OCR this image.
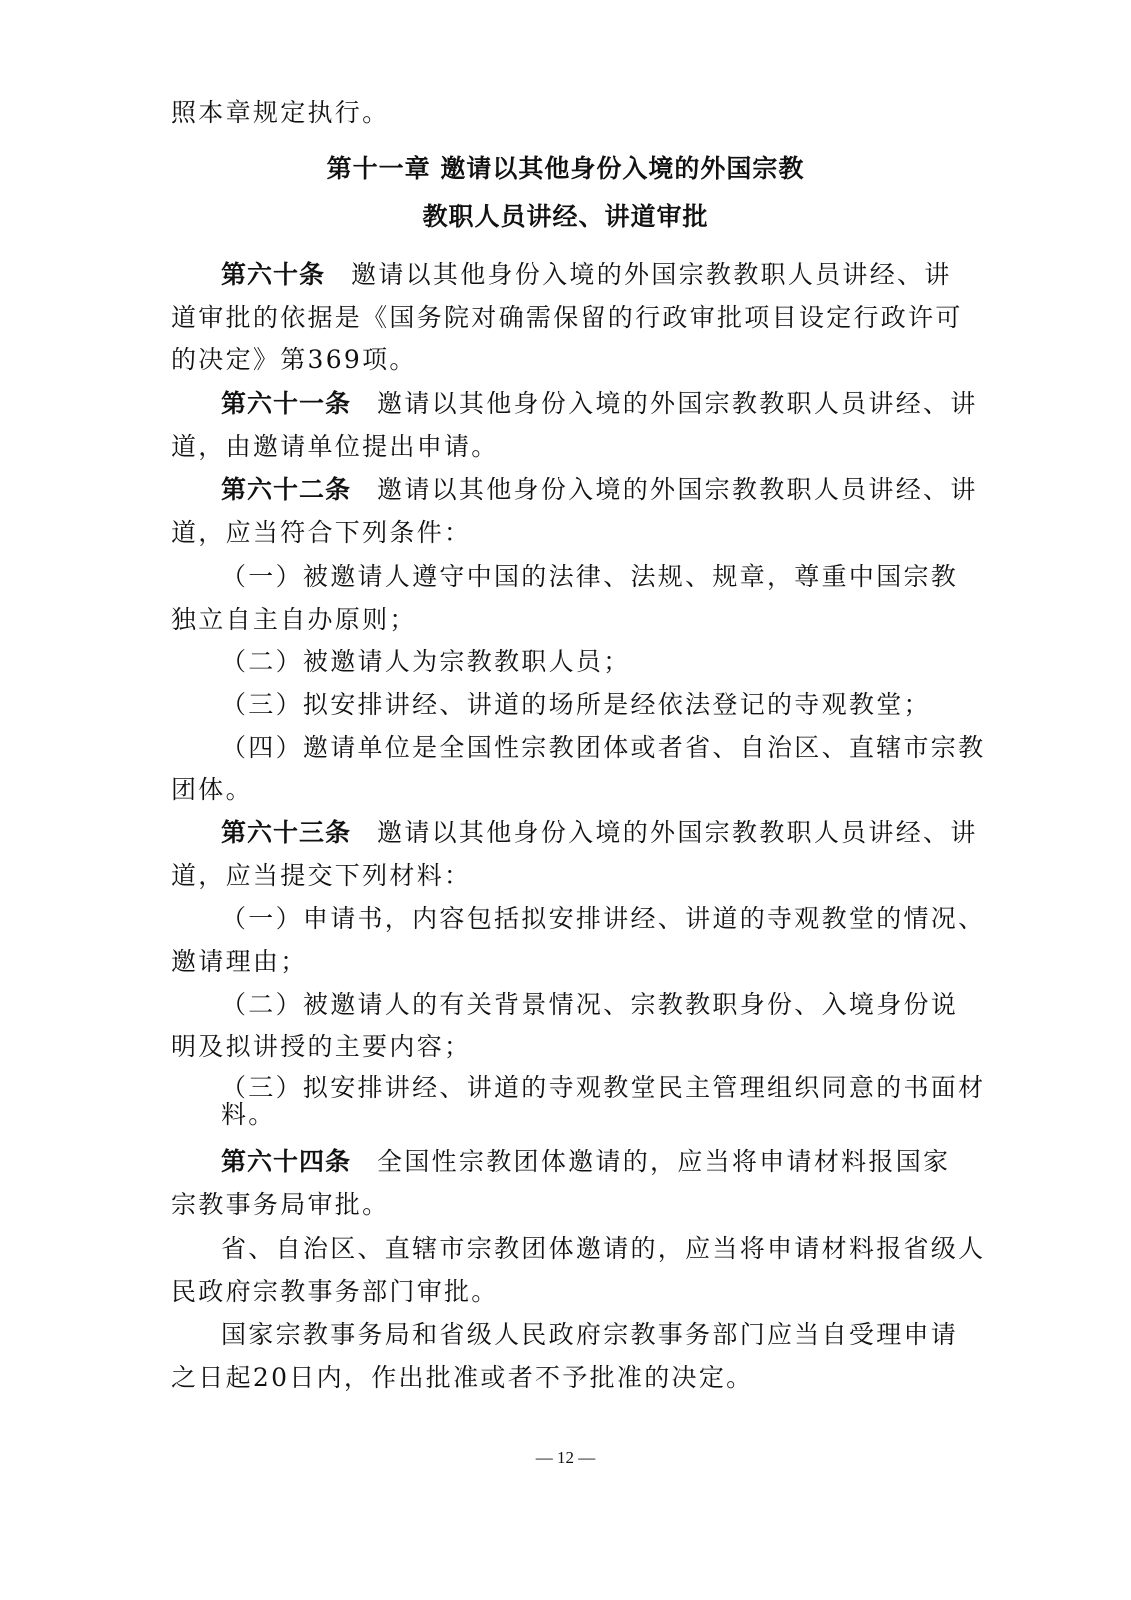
照本章规定执行。
第十一章 邀请以其他身份入境的外国宗教
教职人员讲经、讲道审批
第六十条 邀请以其他身份入境的外国宗教教职人员讲经、讲
道审批的依据是《国务院对确需保留的行政审批项目设定行政许可
的决定》第369项。
第六十一条 邀请以其他身份入境的外国宗教教职人员讲经、讲
道，由邀请单位提出申请。
第六十二条 邀请以其他身份入境的外国宗教教职人员讲经、讲
道，应当符合下列条件：
（一）被邀请人遵守中国的法律、法规、规章，尊重中国宗教
独立自主自办原则；
（二）被邀请人为宗教教职人员；
（三）拟安排讲经、讲道的场所是经依法登记的寺观教堂；
（四）邀请单位是全国性宗教团体或者省、自治区、直辖市宗教
团体。
第六十三条 邀请以其他身份入境的外国宗教教职人员讲经、讲
道，应当提交下列材料：
（一）申请书，内容包括拟安排讲经、讲道的寺观教堂的情况、
邀请理由；
（二）被邀请人的有关背景情况、宗教教职身份、入境身份说
明及拟讲授的主要内容；
（三）拟安排讲经、讲道的寺观教堂民主管理组织同意的书面材
料。
第六十四条 全国性宗教团体邀请的，应当将申请材料报国家
宗教事务局审批。
省、自治区、直辖市宗教团体邀请的，应当将申请材料报省级人
民政府宗教事务部门审批。
国家宗教事务局和省级人民政府宗教事务部门应当自受理申请
之日起20日内，作出批准或者不予批准的决定。
— 12 —
